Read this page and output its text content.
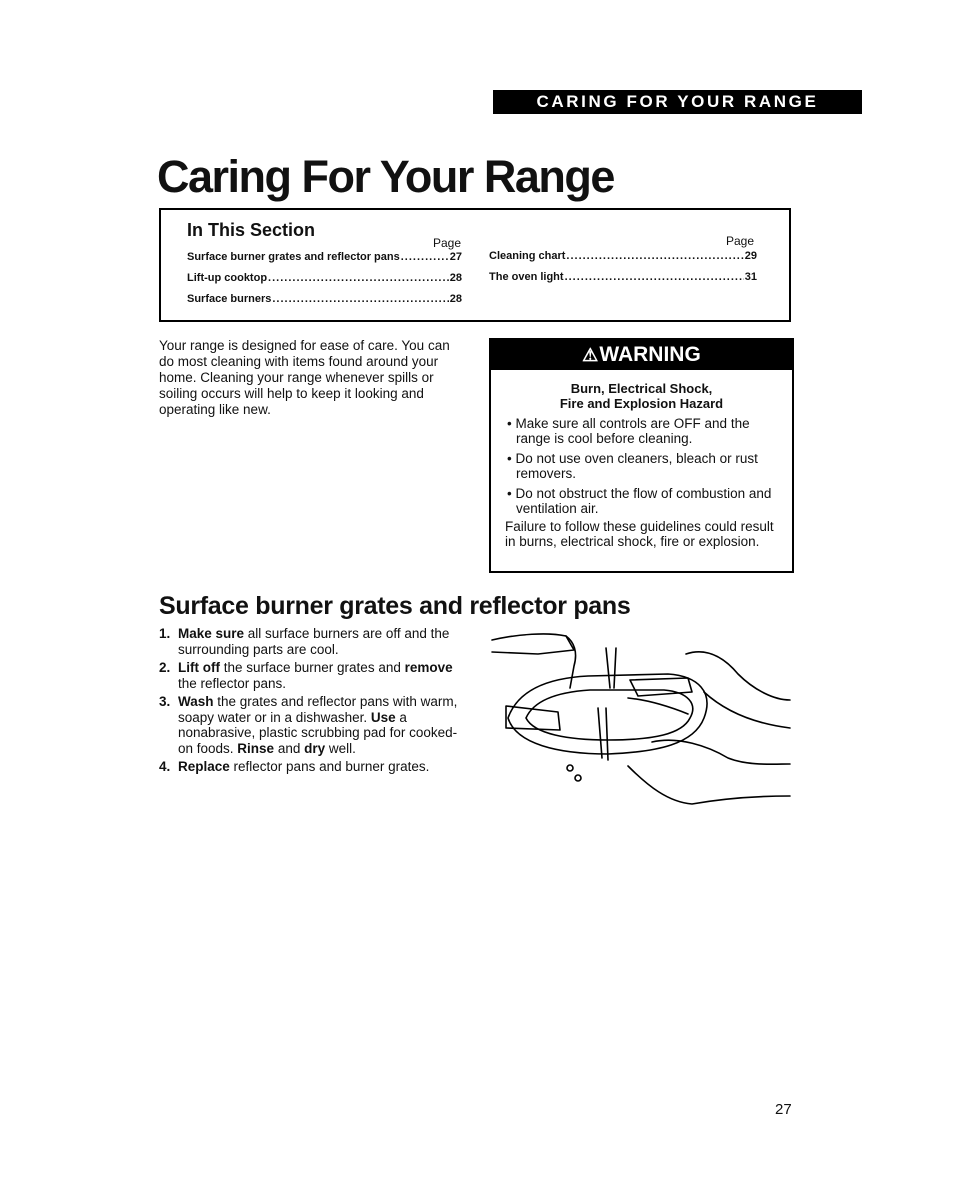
CARING FOR YOUR RANGE
Caring For Your Range
In This Section
Page	Page
Surface burner grates and reflector pans .....	27
Lift-up cooktop .....	28
Surface burners .....	28
Cleaning chart .....	29
The oven light .....	31

Your range is designed for ease of care. You can do most cleaning with items found around your home. Cleaning your range whenever spills or soiling occurs will help to keep it looking and operating like new.

⚠WARNING
Burn, Electrical Shock,
Fire and Explosion Hazard
• Make sure all controls are OFF and the range is cool before cleaning.
• Do not use oven cleaners, bleach or rust removers.
• Do not obstruct the flow of combustion and ventilation air.

Failure to follow these guidelines could result in burns, electrical shock, fire or explosion.

Surface burner grates and reflector pans
1. Make sure all surface burners are off and the surrounding parts are cool.
2. Lift off the surface burner grates and remove the reflector pans.
3. Wash the grates and reflector pans with warm, soapy water or in a dishwasher. Use a nonabrasive, plastic scrubbing pad for cooked-on foods. Rinse and dry well.
4. Replace reflector pans and burner grates.
27
